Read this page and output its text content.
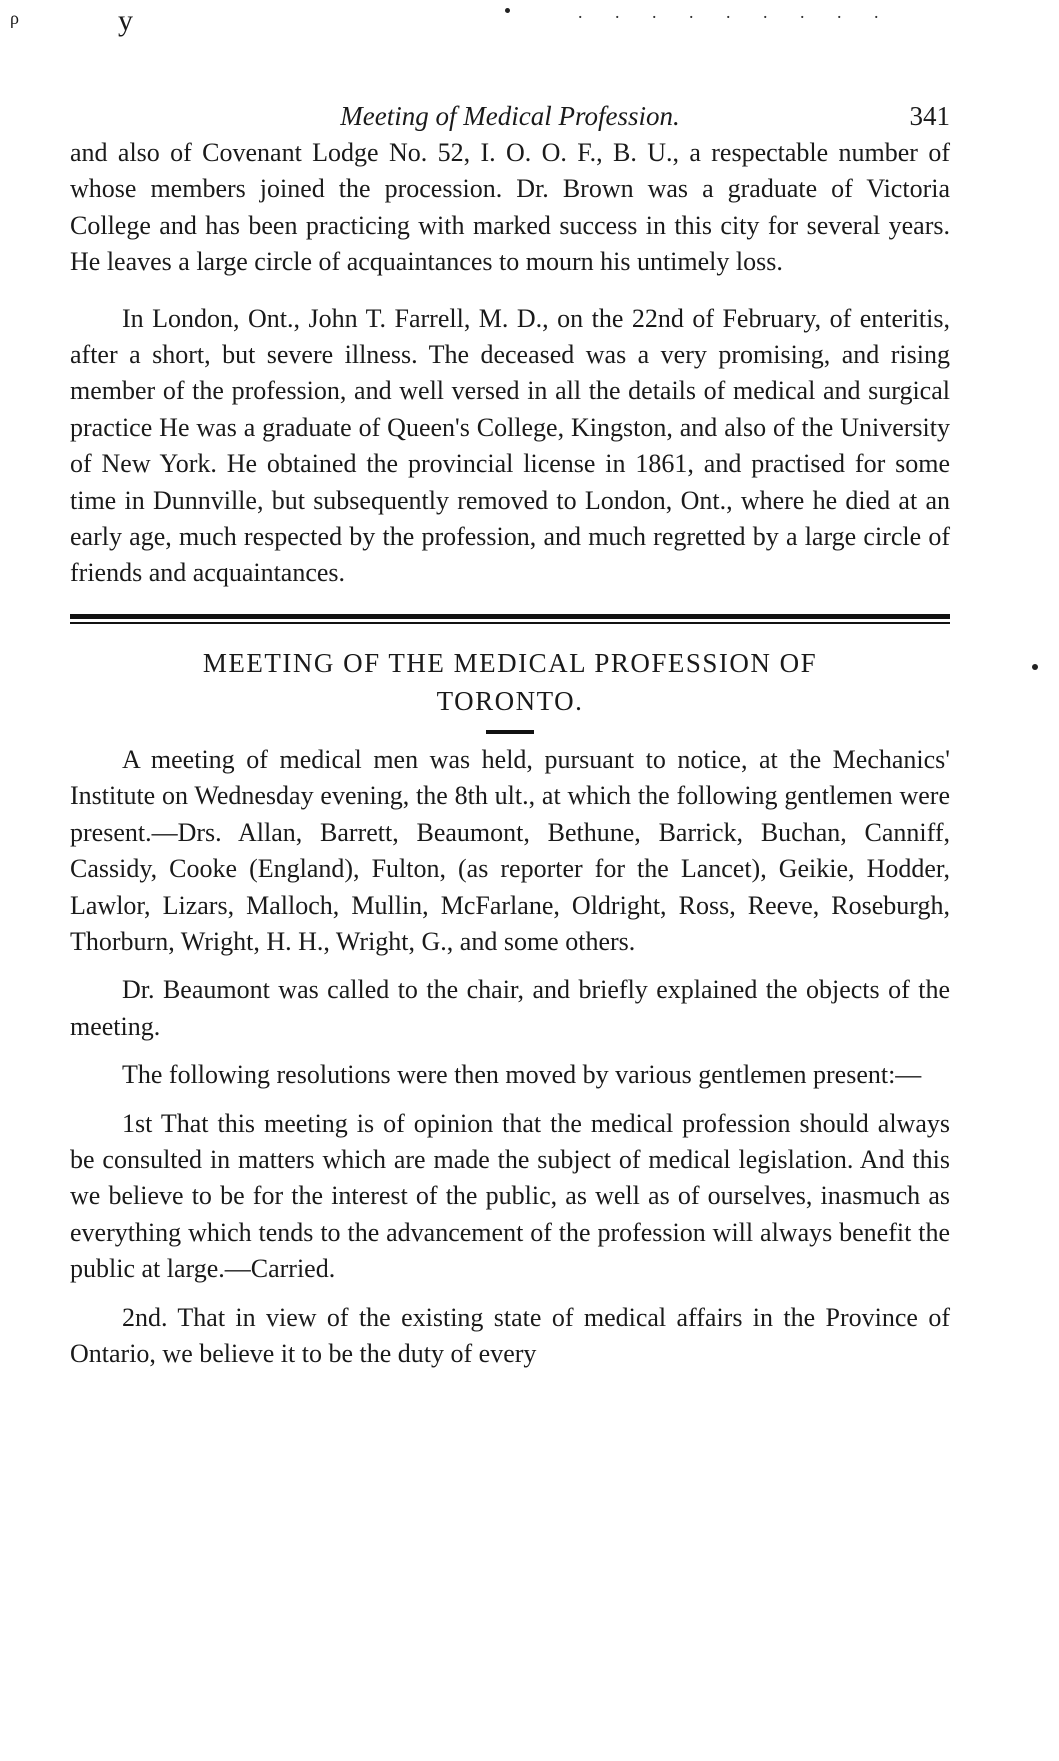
ρ	y	. . . . . . . . .
Meeting of Medical Profession.	341

and also of Covenant Lodge No. 52, I. O. O. F., B. U., a respectable number of whose members joined the procession. Dr. Brown was a graduate of Victoria College and has been practicing with marked success in this city for several years. He leaves a large circle of acquaintances to mourn his untimely loss.

In London, Ont., John T. Farrell, M. D., on the 22nd of February, of enteritis, after a short, but severe illness. The deceased was a very promising, and rising member of the profession, and well versed in all the details of medical and surgical practice He was a graduate of Queen's College, Kingston, and also of the University of New York. He obtained the provincial license in 1861, and practised for some time in Dunnville, but subsequently removed to London, Ont., where he died at an early age, much respected by the profession, and much regretted by a large circle of friends and acquaintances.

MEETING OF THE MEDICAL PROFESSION OF
TORONTO.

A meeting of medical men was held, pursuant to notice, at the Mechanics' Institute on Wednesday evening, the 8th ult., at which the following gentlemen were present.—Drs. Allan, Barrett, Beaumont, Bethune, Barrick, Buchan, Canniff, Cassidy, Cooke (England), Fulton, (as reporter for the Lancet), Geikie, Hodder, Lawlor, Lizars, Malloch, Mullin, McFarlane, Oldright, Ross, Reeve, Roseburgh, Thorburn, Wright, H. H., Wright, G., and some others.

Dr. Beaumont was called to the chair, and briefly explained the objects of the meeting.

The following resolutions were then moved by various gentlemen present:—

1st That this meeting is of opinion that the medical profession should always be consulted in matters which are made the subject of medical legislation. And this we believe to be for the interest of the public, as well as of ourselves, inasmuch as everything which tends to the advancement of the profession will always benefit the public at large.—Carried.

2nd. That in view of the existing state of medical affairs in the Province of Ontario, we believe it to be the duty of every
